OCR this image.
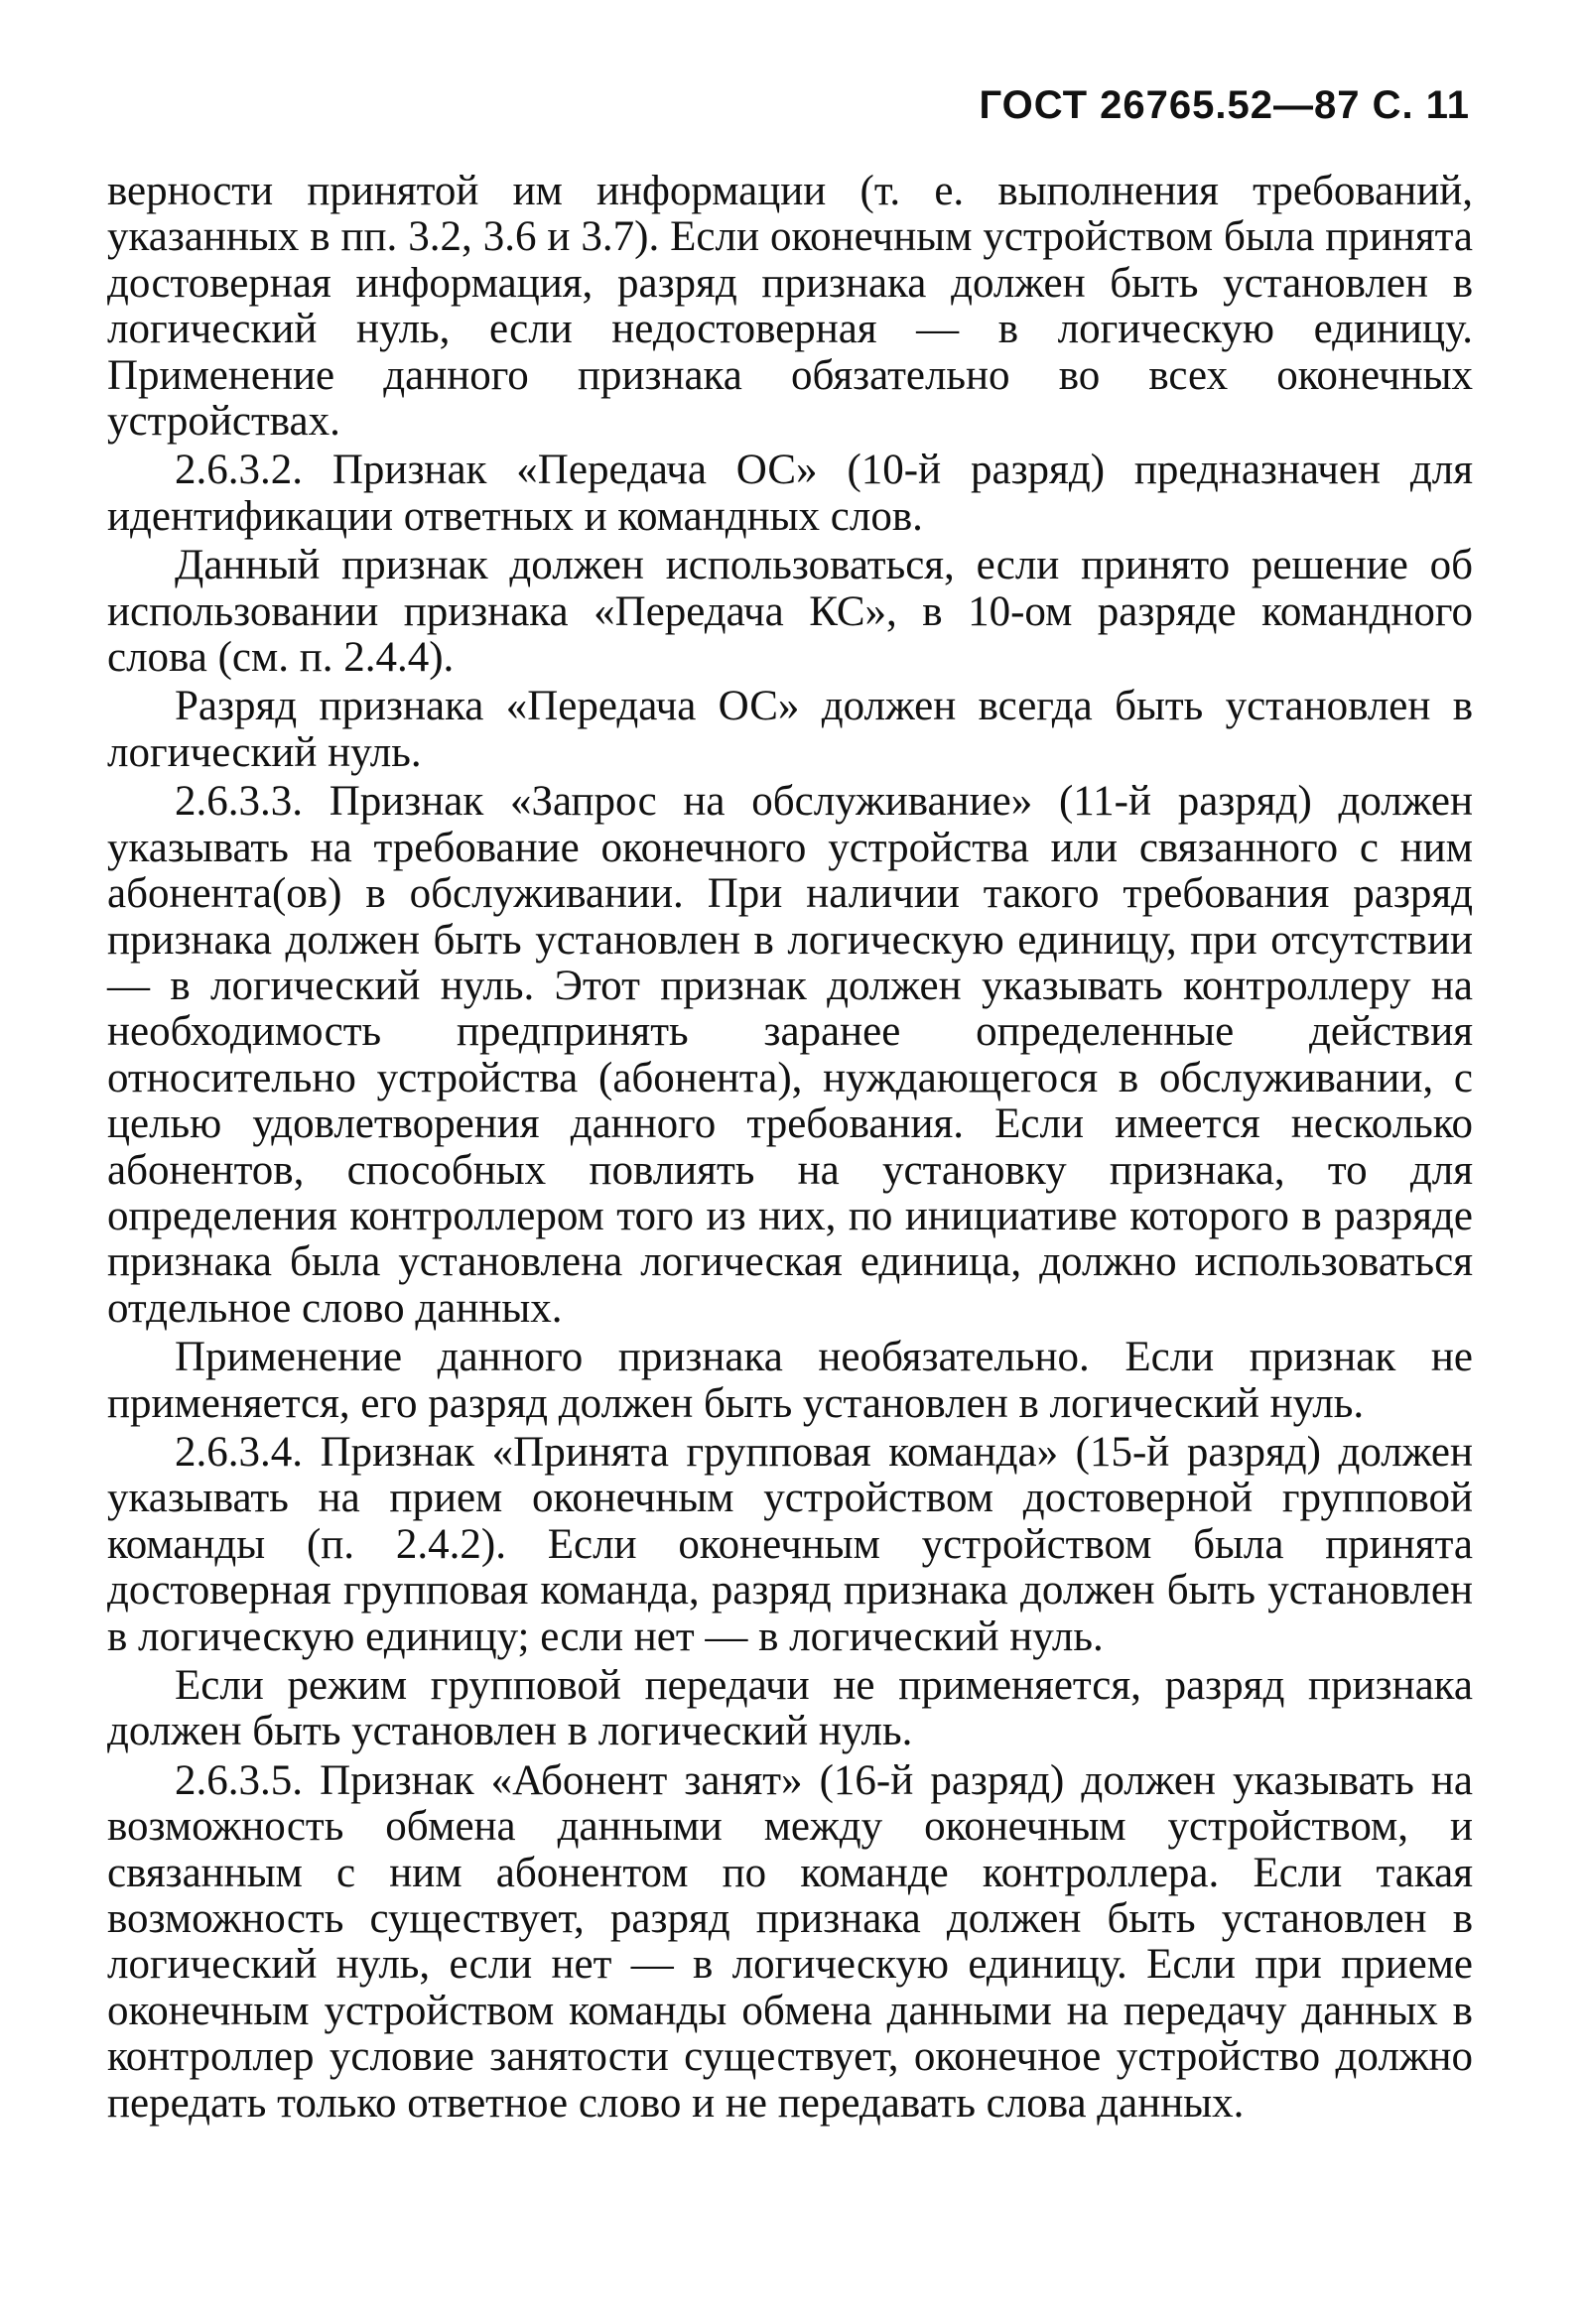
ГОСТ 26765.52—87 С. 11

верности принятой им информации (т. е. выполнения требований, указанных в пп. 3.2, 3.6 и 3.7). Если оконечным устройством была принята достоверная информация, разряд признака должен быть установлен в логический нуль, если недостоверная — в логическую единицу. Применение данного признака обязательно во всех оконечных устройствах.

2.6.3.2. Признак «Передача ОС» (10-й разряд) предназначен для идентификации ответных и командных слов.

Данный признак должен использоваться, если принято решение об использовании признака «Передача КС», в 10-ом разряде командного слова (см. п. 2.4.4).

Разряд признака «Передача ОС» должен всегда быть установлен в логический нуль.

2.6.3.3. Признак «Запрос на обслуживание» (11-й разряд) должен указывать на требование оконечного устройства или связанного с ним абонента(ов) в обслуживании. При наличии такого требования разряд признака должен быть установлен в логическую единицу, при отсутствии — в логический нуль. Этот признак должен указывать контроллеру на необходимость предпринять заранее определенные действия относительно устройства (абонента), нуждающегося в обслуживании, с целью удовлетворения данного требования. Если имеется несколько абонентов, способных повлиять на установку признака, то для определения контроллером того из них, по инициативе которого в разряде признака была установлена логическая единица, должно использоваться отдельное слово данных.

Применение данного признака необязательно. Если признак не применяется, его разряд должен быть установлен в логический нуль.

2.6.3.4. Признак «Принята групповая команда» (15-й разряд) должен указывать на прием оконечным устройством достоверной групповой команды (п. 2.4.2). Если оконечным устройством была принята достоверная групповая команда, разряд признака должен быть установлен в логическую единицу; если нет — в логический нуль.

Если режим групповой передачи не применяется, разряд признака должен быть установлен в логический нуль.

2.6.3.5. Признак «Абонент занят» (16-й разряд) должен указывать на возможность обмена данными между оконечным устройством, и связанным с ним абонентом по команде контроллера. Если такая возможность существует, разряд признака должен быть установлен в логический нуль, если нет — в логическую единицу. Если при приеме оконечным устройством команды обмена данными на передачу данных в контроллер условие занятости существует, оконечное устройство должно передать только ответное слово и не передавать слова данных.
